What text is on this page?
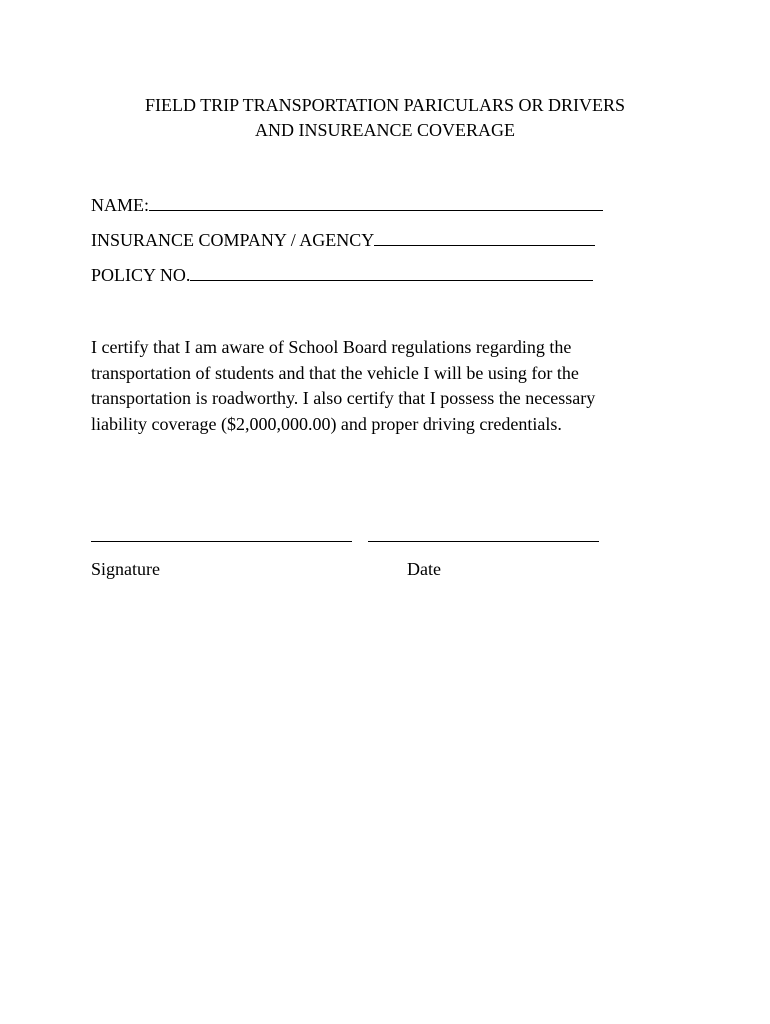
FIELD TRIP TRANSPORTATION PARICULARS OR DRIVERS
AND INSUREANCE COVERAGE
NAME:
INSURANCE COMPANY / AGENCY
POLICY NO.
I certify that I am aware of School Board regulations regarding the
transportation of students and that the vehicle I will be using for the
transportation is roadworthy. I also certify that I possess the necessary
liability coverage ($2,000,000.00) and proper driving credentials.
Signature	Date
